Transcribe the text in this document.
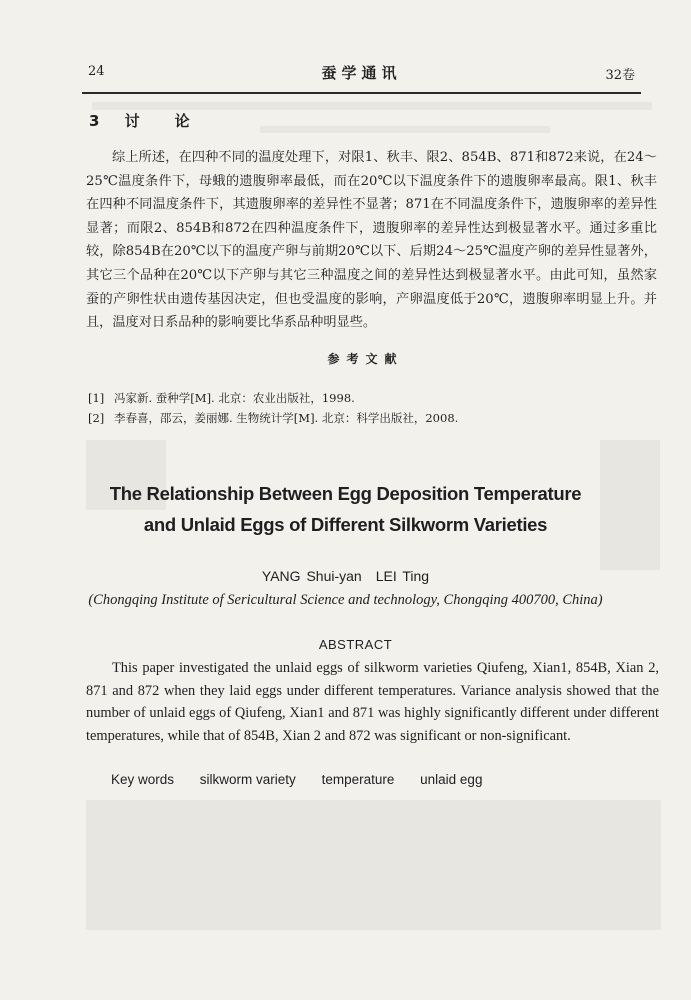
24	蚕学通讯	32卷
3 讨　论

综上所述，在四种不同的温度处理下，对限1、秋丰、限2、854B、871和872来说，在24～25℃温度条件下，母蛾的遗腹卵率最低，而在20℃以下温度条件下的遗腹卵率最高。限1、秋丰在四种不同温度条件下，其遗腹卵率的差异性不显著；871在不同温度条件下，遗腹卵率的差异性显著；而限2、854B和872在四种温度条件下，遗腹卵率的差异性达到极显著水平。通过多重比较，除854B在20℃以下的温度产卵与前期20℃以下、后期24～25℃温度产卵的差异性显著外，其它三个品种在20℃以下产卵与其它三种温度之间的差异性达到极显著水平。由此可知，虽然家蚕的产卵性状由遗传基因决定，但也受温度的影响，产卵温度低于20℃，遗腹卵率明显上升。并且，温度对日系品种的影响要比华系品种明显些。

参考文献
[1] 冯家新. 蚕种学[M]. 北京：农业出版社，1998.
[2] 李春喜，邵云，姜丽娜. 生物统计学[M]. 北京：科学出版社，2008.
The Relationship Between Egg Deposition Temperature
and Unlaid Eggs of Different Silkworm Varieties
YANG Shui-yan　LEI Ting
(Chongqing Institute of Sericultural Science and technology, Chongqing 400700, China)
ABSTRACT

This paper investigated the unlaid eggs of silkworm varieties Qiufeng, Xian1, 854B, Xian 2, 871 and 872 when they laid eggs under different temperatures. Variance analysis showed that the number of unlaid eggs of Qiufeng, Xian1 and 871 was highly significantly different under different temperatures, while that of 854B, Xian 2 and 872 was significant or non-significant.

Key words silkworm variety temperature unlaid egg
